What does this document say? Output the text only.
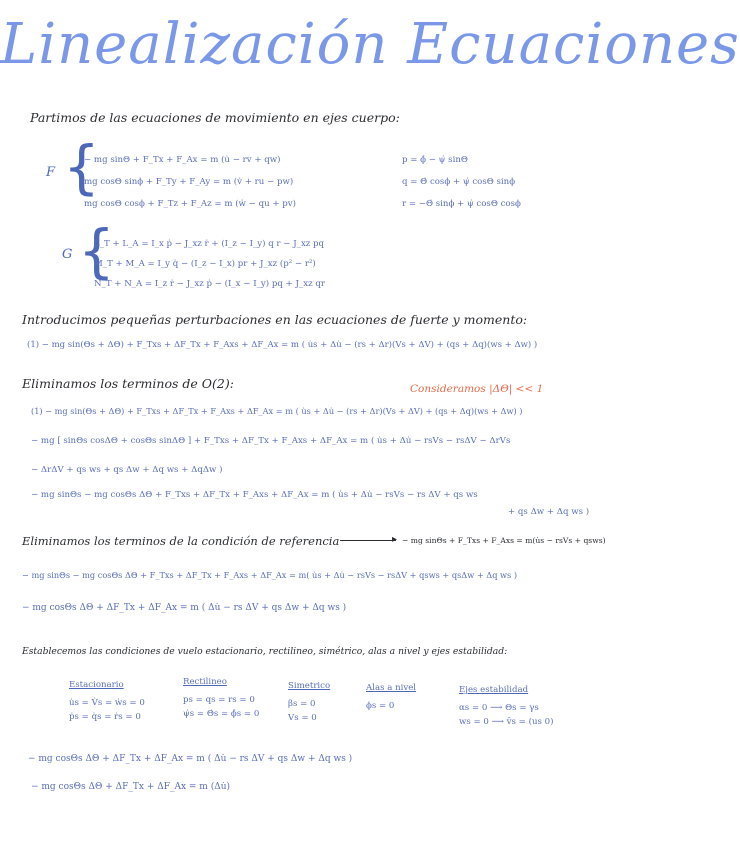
Linealización Ecuaciones
Partimos de las ecuaciones de movimiento en ejes cuerpo:
F {
− mg sinΘ + F_Tx + F_Ax = m (u̇ − rv + qw)
mg cosΘ sinϕ + F_Ty + F_Ay = m (v̇ + ru − pw)
mg cosΘ cosϕ + F_Tz + F_Az = m (ẇ − qu + pv)
p = ϕ̇ − ψ̇ sinΘ
q = Θ̇ cosϕ + ψ̇ cosΘ sinϕ
r = −Θ̇ sinϕ + ψ̇ cosΘ cosϕ
G {
L_T + L_A = I_x ṗ − J_xz ṙ + (I_z − I_y) q r − J_xz pq
M_T + M_A = I_y q̇ − (I_z − I_x) pr + J_xz (p² − r²)
N_T + N_A = I_z ṙ − J_xz ṗ − (I_x − I_y) pq + J_xz qr
Introducimos pequeñas perturbaciones en las ecuaciones de fuerte y momento:
(1) − mg sin(Θs + ΔΘ) + F_Txs + ΔF_Tx + F_Axs + ΔF_Ax = m ( u̇s + Δu̇ − (rs + Δr)(Vs + ΔV) + (qs + Δq)(ws + Δw) )
Eliminamos los terminos de O(2):	Consideramos |ΔΘ| << 1
(1) − mg sin(Θs + ΔΘ) + F_Txs + ΔF_Tx + F_Axs + ΔF_Ax = m ( u̇s + Δu̇ − (rs + Δr)(Vs + ΔV) + (qs + Δq)(ws + Δw) )
− mg [ sinΘs cosΔΘ + cosΘs sinΔΘ ] + F_Txs + ΔF_Tx + F_Axs + ΔF_Ax = m ( u̇s + Δu̇ − rsVs − rsΔV − ΔrVs
− ΔrΔV + qs ws + qs Δw + Δq ws + ΔqΔw )
− mg sinΘs − mg cosΘs ΔΘ + F_Txs + ΔF_Tx + F_Axs + ΔF_Ax = m ( u̇s + Δu̇ − rsVs − rs ΔV + qs ws
+ qs Δw + Δq ws )
Eliminamos los terminos de la condición de referencia	▸ − mg sinΘs + F_Txs + F_Axs = m(u̇s − rsVs + qsws)
− mg sinΘs − mg cosΘs ΔΘ + F_Txs + ΔF_Tx + F_Axs + ΔF_Ax = m( u̇s + Δu̇ − rsVs − rsΔV + qsws + qsΔw + Δq ws )
− mg cosΘs ΔΘ + ΔF_Tx + ΔF_Ax = m ( Δu̇ − rs ΔV + qs Δw + Δq ws )
Establecemos las condiciones de vuelo estacionario, rectilineo, simétrico, alas a nivel y ejes estabilidad:
Estacionario
u̇s = V̇s = ẇs = 0
ṗs = q̇s = ṙs = 0
Rectilineo
ps = qs = rs = 0
ψ̇s = Θ̇s = ϕ̇s = 0
Simetrico
βs = 0
Vs = 0
Alas a nivel
ϕs = 0
Ejes estabilidad
αs = 0 ⟶ Θs = γs
ws = 0 ⟶ v̄s = (us 0)
− mg cosΘs ΔΘ + ΔF_Tx + ΔF_Ax = m ( Δu̇ − rs ΔV + qs Δw + Δq ws )
− mg cosΘs ΔΘ + ΔF_Tx + ΔF_Ax = m (Δu̇)
